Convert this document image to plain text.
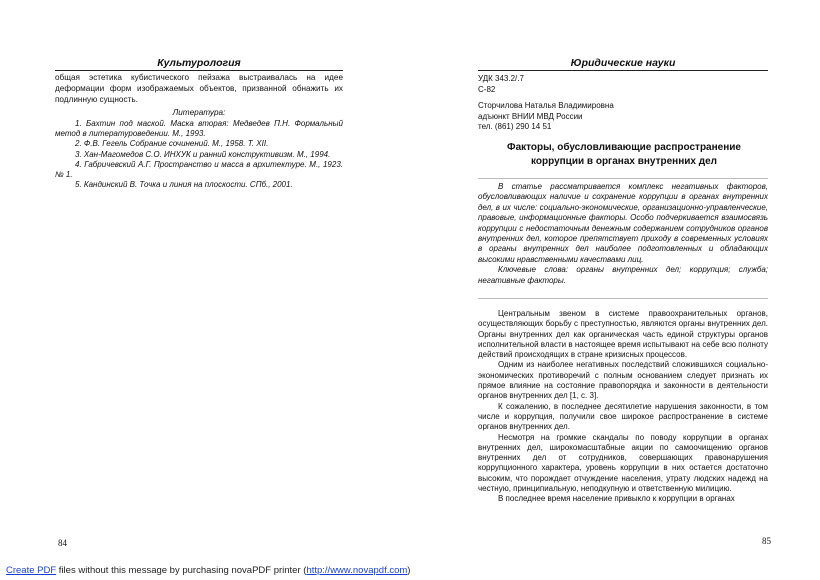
Культурология

общая эстетика кубистического пейзажа выстраивалась на идее деформации форм изображаемых объектов, призванной обнажить их подлинную сущность.

Литература:

1. Бахтин под маской. Маска вторая: Медведев П.Н. Формальный метод в литературоведении. М., 1993.
2. Ф.В. Гегель Собрание сочинений. М., 1958. Т. XII.
3. Хан-Магомедов С.О. ИНХУК и ранний конструктивизм. М., 1994.
4. Габричевский А.Г. Пространство и масса в архитектуре. М., 1923. № 1.
5. Кандинский В. Точка и линия на плоскости. СПб., 2001.

84

Юридические науки

УДК 343.2/.7
С-82
Сторчилова Наталья Владимировна
адъюнкт ВНИИ МВД России
тел. (861) 290 14 51
Факторы, обусловливающие распространение
коррупции в органах внутренних дел

В статье рассматривается комплекс негативных факторов, обусловливающих наличие и сохранение коррупции в органах внутренних дел, в их числе: социально-экономические, организационно-управленческие, правовые, информационные факторы. Особо подчеркивается взаимосвязь коррупции с недостаточным денежным содержанием сотрудников органов внутренних дел, которое препятствует приходу в современных условиях в органы внутренних дел наиболее подготовленных и обладающих высокими нравственными качествами лиц.

Ключевые слова: органы внутренних дел; коррупция; служба; негативные факторы.

Центральным звеном в системе правоохранительных органов, осуществляющих борьбу с преступностью, являются органы внутренних дел. Органы внутренних дел как органическая часть единой структуры органов исполнительной власти в настоящее время испытывают на себе всю полноту действий происходящих в стране кризисных процессов.

Одним из наиболее негативных последствий сложившихся социально-экономических противоречий с полным основанием следует признать их прямое влияние на состояние правопорядка и законности в деятельности органов внутренних дел [1, с. 3].

К сожалению, в последнее десятилетие нарушения законности, в том числе и коррупция, получили свое широкое распространение в системе органов внутренних дел.

Несмотря на громкие скандалы по поводу коррупции в органах внутренних дел, широкомасштабные акции по самоочищению органов внутренних дел от сотрудников, совершающих правонарушения коррупционного характера, уровень коррупции в них остается достаточно высоким, что порождает отчуждение населения, утрату людских надежд на честную, принципиальную, неподкупную и ответственную милицию.

В последнее время население привыкло к коррупции в органах

85

Create PDF files without this message by purchasing novaPDF printer (http://www.novapdf.com)
